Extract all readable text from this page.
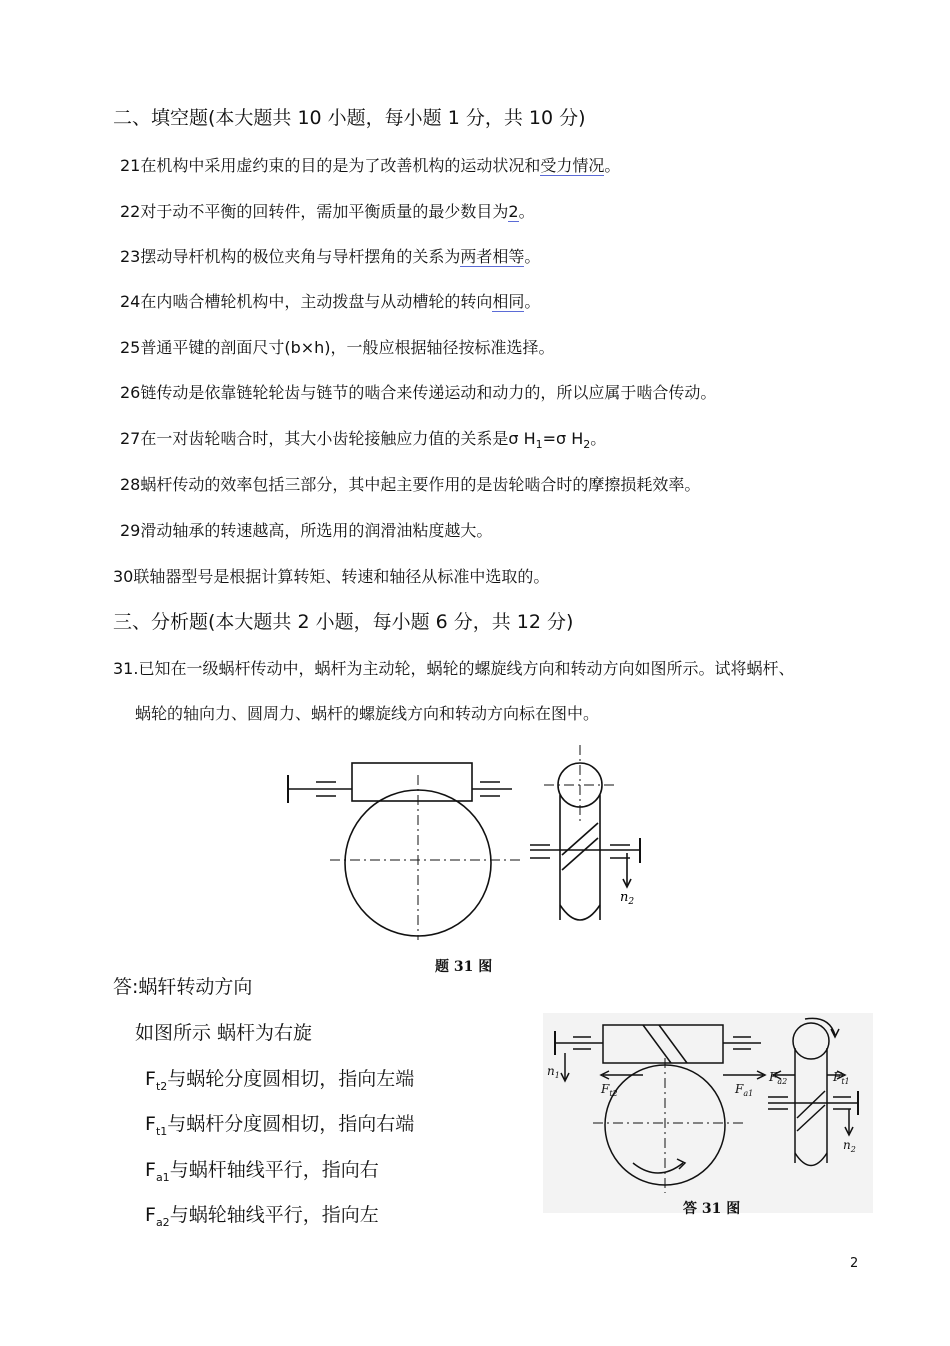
二、填空题(本大题共 10 小题，每小题 1 分，共 10 分)
21在机构中采用虚约束的目的是为了改善机构的运动状况和受力情况。
22对于动不平衡的回转件，需加平衡质量的最少数目为2。
23摆动导杆机构的极位夹角与导杆摆角的关系为两者相等。
24在内啮合槽轮机构中，主动拨盘与从动槽轮的转向相同。
25普通平键的剖面尺寸(b×h)，一般应根据轴径按标准选择。
26链传动是依靠链轮轮齿与链节的啮合来传递运动和动力的，所以应属于啮合传动。
27在一对齿轮啮合时，其大小齿轮接触应力值的关系是σ $H_1=\sigma$ $H_2$。
28蜗杆传动的效率包括三部分，其中起主要作用的是齿轮啮合时的摩擦损耗效率。
29滑动轴承的转速越高，所选用的润滑油粘度越大。
30联轴器型号是根据计算转矩、转速和轴径从标准中选取的。
三、分析题(本大题共 2 小题，每小题 6 分，共 12 分)
31.已知在一级蜗杆传动中，蜗杆为主动轮，蜗轮的螺旋线方向和转动方向如图所示。试将蜗杆、
蜗轮的轴向力、圆周力、蜗杆的螺旋线方向和转动方向标在图中。
$n_2$
题 31 图
答:蜗轩转动方向
如图所示 蜗杆为右旋
$F_{t2}$与蜗轮分度圆相切，指向左端
$F_{t1}$与蜗杆分度圆相切，指向右端
$F_{a1}$与蜗杆轴线平行，指向右
$F_{a2}$与蜗轮轴线平行，指向左
$n_1$
$F_{t2}$	$F_{a1}$
$F_{a2}$	$F_{t1}$
$n_2$
答 31 图
2
